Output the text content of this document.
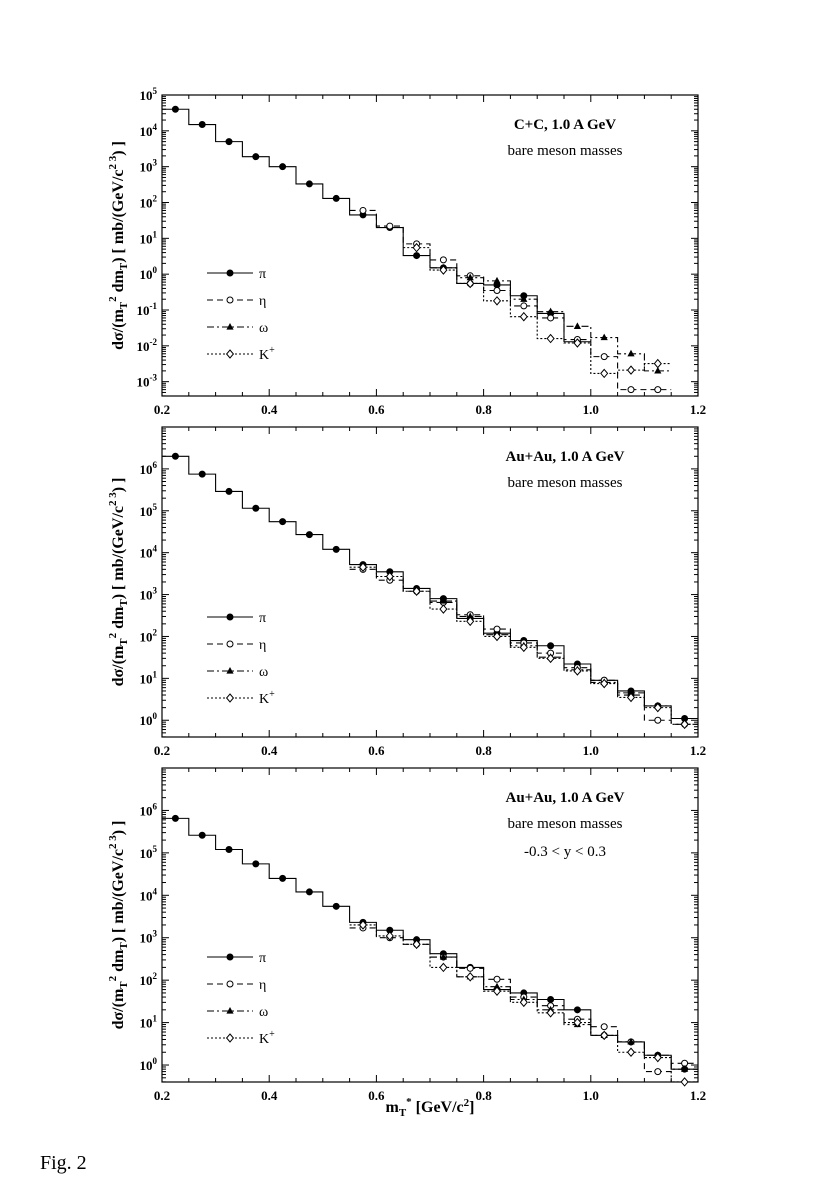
0.2	0.4	0.6	0.8	1.0	1.2
$10^5$
$10^4$
$10^3$
$10^2$
$10^1$
$10^0$
$10^{-1}$
$10^{-2}$
$10^{-3}$
C+C, 1.0 A GeV
bare meson masses
π
η
ω
K+
$d\sigma/(m_T^2$ $dm_T$) [ $mb/(GeV/c^{2 3})$ ]
0.2	0.4	0.6	0.8	1.0	1.2
$10^6$
$10^5$
$10^4$
$10^3$
$10^2$
$10^1$
$10^0$
Au+Au, 1.0 A GeV
bare meson masses
π
η
ω
K+
$d\sigma/(m_T^2$ $dm_T$) [ $mb/(GeV/c^{2 3})$ ]
0.2	0.4	0.6	0.8	1.0	1.2
$10^6$
$10^5$
$10^4$
$10^3$
$10^2$
$10^1$
$10^0$
Au+Au, 1.0 A GeV
bare meson masses
-0.3 < y < 0.3
π
η
ω
K+
$d\sigma/(m_T^2$ $dm_T$) [ $mb/(GeV/c^{2 3})$ ]
$m_T^*$ $[GeV/c^2]$
Fig. 2
